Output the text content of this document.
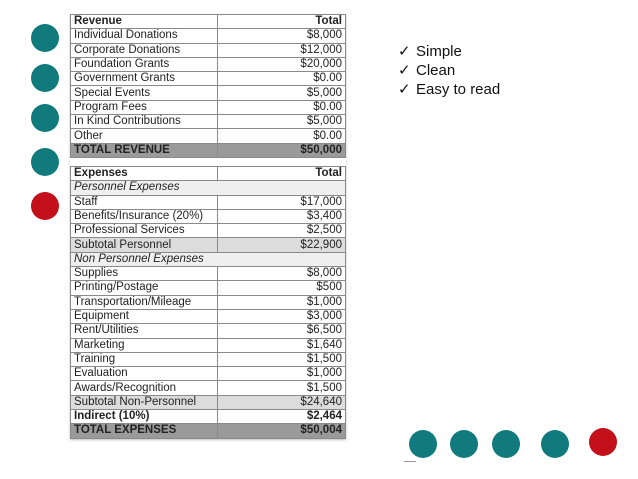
Revenue	Total
Individual Donations	$8,000
Corporate Donations	$12,000
Foundation Grants	$20,000
Government Grants	$0.00
Special Events	$5,000
Program Fees	$0.00
In Kind Contributions	$5,000
Other	$0.00
TOTAL REVENUE	$50,000

Expenses	Total
Personnel Expenses	
Staff	$17,000
Benefits/Insurance (20%)	$3,400
Professional Services	$2,500
Subtotal Personnel	$22,900
Non Personnel Expenses	
Supplies	$8,000
Printing/Postage	$500
Transportation/Mileage	$1,000
Equipment	$3,000
Rent/Utilities	$6,500
Marketing	$1,640
Training	$1,500
Evaluation	$1,000
Awards/Recognition	$1,500
Subtotal Non-Personnel	$24,640
Indirect (10%)	$2,464
TOTAL EXPENSES	$50,004
✓ Simple
✓ Clean
✓ Easy to read
